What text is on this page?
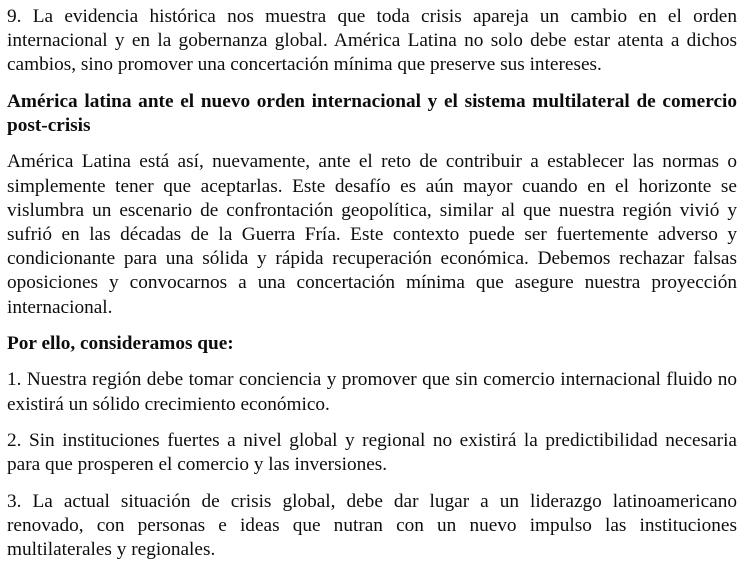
9. La evidencia histórica nos muestra que toda crisis apareja un cambio en el orden internacional y en la gobernanza global. América Latina no solo debe estar atenta a dichos cambios, sino promover una concertación mínima que preserve sus intereses.

América latina ante el nuevo orden internacional y el sistema multilateral de comercio post-crisis

América Latina está así, nuevamente, ante el reto de contribuir a establecer las normas o simplemente tener que aceptarlas. Este desafío es aún mayor cuando en el horizonte se vislumbra un escenario de confrontación geopolítica, similar al que nuestra región vivió y sufrió en las décadas de la Guerra Fría. Este contexto puede ser fuertemente adverso y condicionante para una sólida y rápida recuperación económica. Debemos rechazar falsas oposiciones y convocarnos a una concertación mínima que asegure nuestra proyección internacional.

Por ello, consideramos que:

1. Nuestra región debe tomar conciencia y promover que sin comercio internacional fluido no existirá un sólido crecimiento económico.

2. Sin instituciones fuertes a nivel global y regional no existirá la predictibilidad necesaria para que prosperen el comercio y las inversiones.

3. La actual situación de crisis global, debe dar lugar a un liderazgo latinoamericano renovado, con personas e ideas que nutran con un nuevo impulso las instituciones multilaterales y regionales.
